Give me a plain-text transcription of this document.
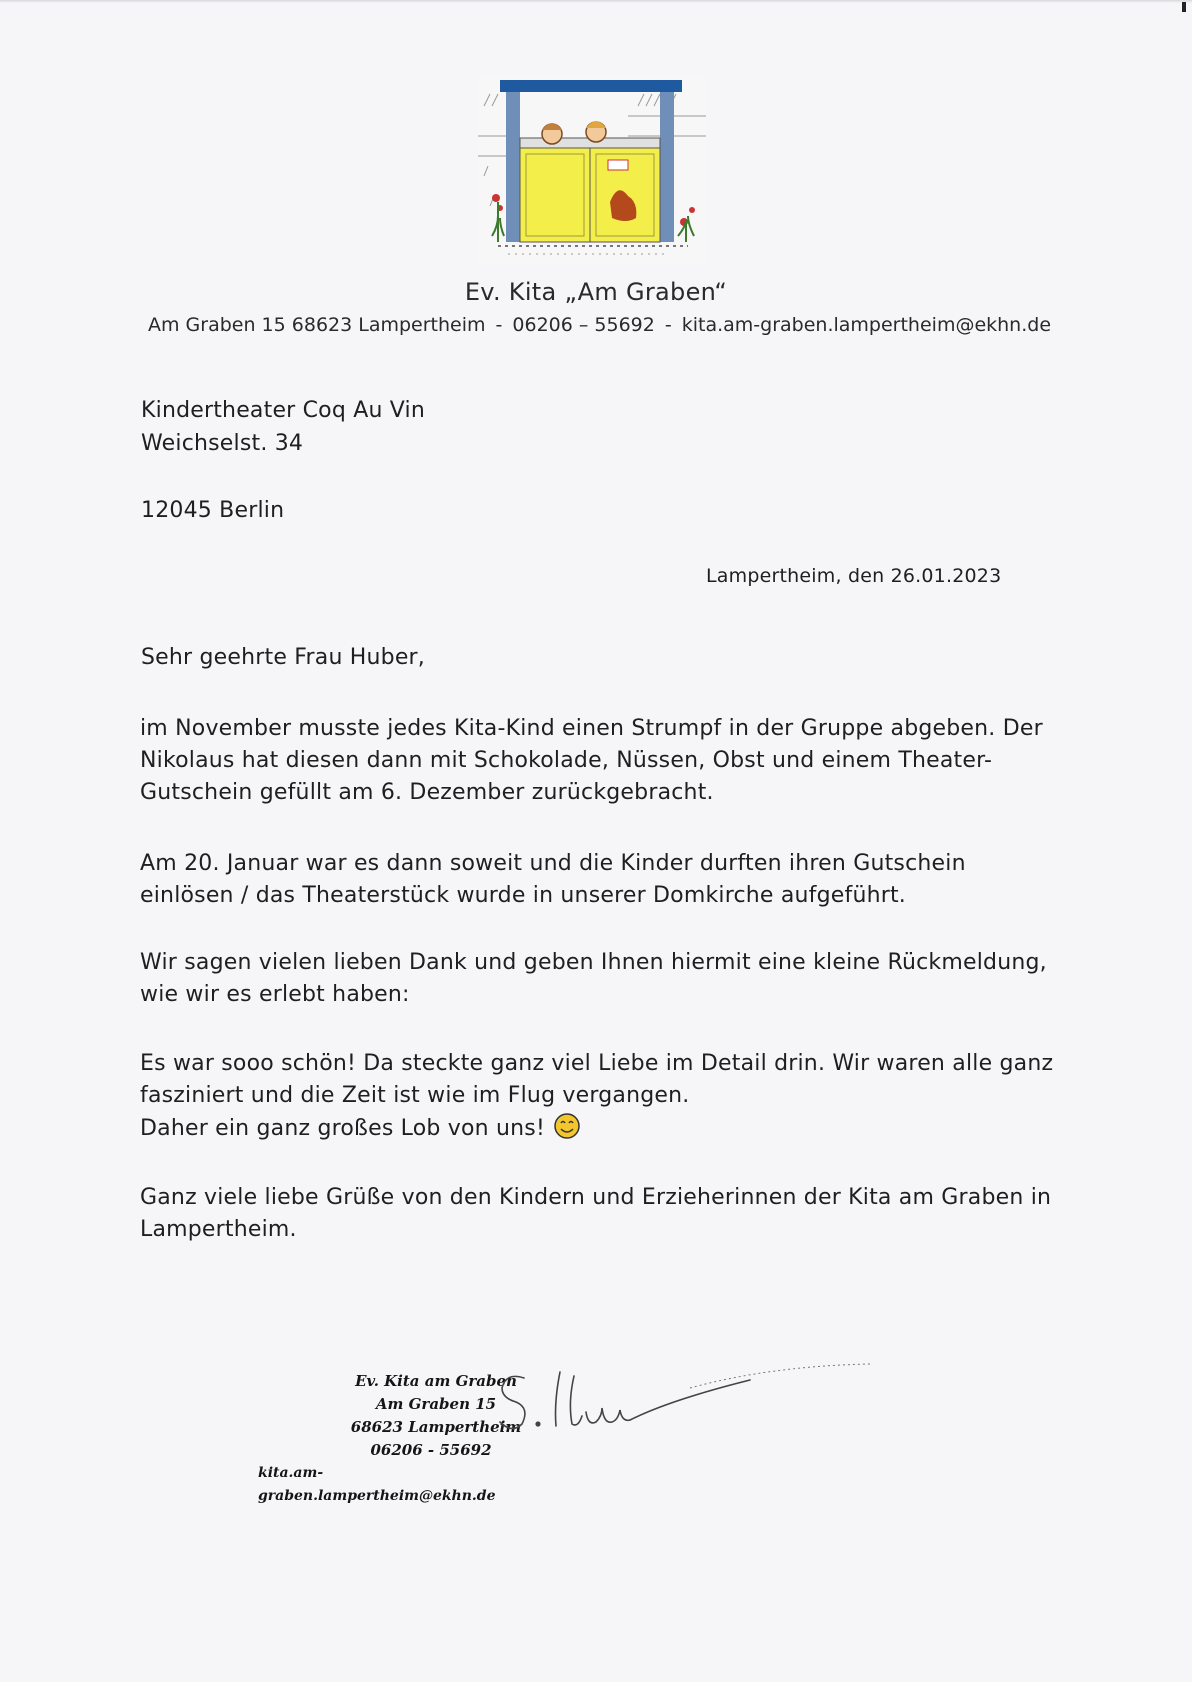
Ev. Kita „Am Graben“
Am Graben 15 68623 Lampertheim - 06206 – 55692 - kita.am-graben.lampertheim@ekhn.de
Kindertheater Coq Au Vin
Weichselst. 34
12045 Berlin
Lampertheim, den 26.01.2023
Sehr geehrte Frau Huber,
im November musste jedes Kita-Kind einen Strumpf in der Gruppe abgeben. Der
Nikolaus hat diesen dann mit Schokolade, Nüssen, Obst und einem Theater-
Gutschein gefüllt am 6. Dezember zurückgebracht.
Am 20. Januar war es dann soweit und die Kinder durften ihren Gutschein
einlösen / das Theaterstück wurde in unserer Domkirche aufgeführt.
Wir sagen vielen lieben Dank und geben Ihnen hiermit eine kleine Rückmeldung,
wie wir es erlebt haben:
Es war sooo schön! Da steckte ganz viel Liebe im Detail drin. Wir waren alle ganz
fasziniert und die Zeit ist wie im Flug vergangen.
Daher ein ganz großes Lob von uns!
Ganz viele liebe Grüße von den Kindern und Erzieherinnen der Kita am Graben in
Lampertheim.
Ev. Kita am Graben
Am Graben 15
68623 Lampertheim
06206 - 55692
kita.am-graben.lampertheim@ekhn.de
